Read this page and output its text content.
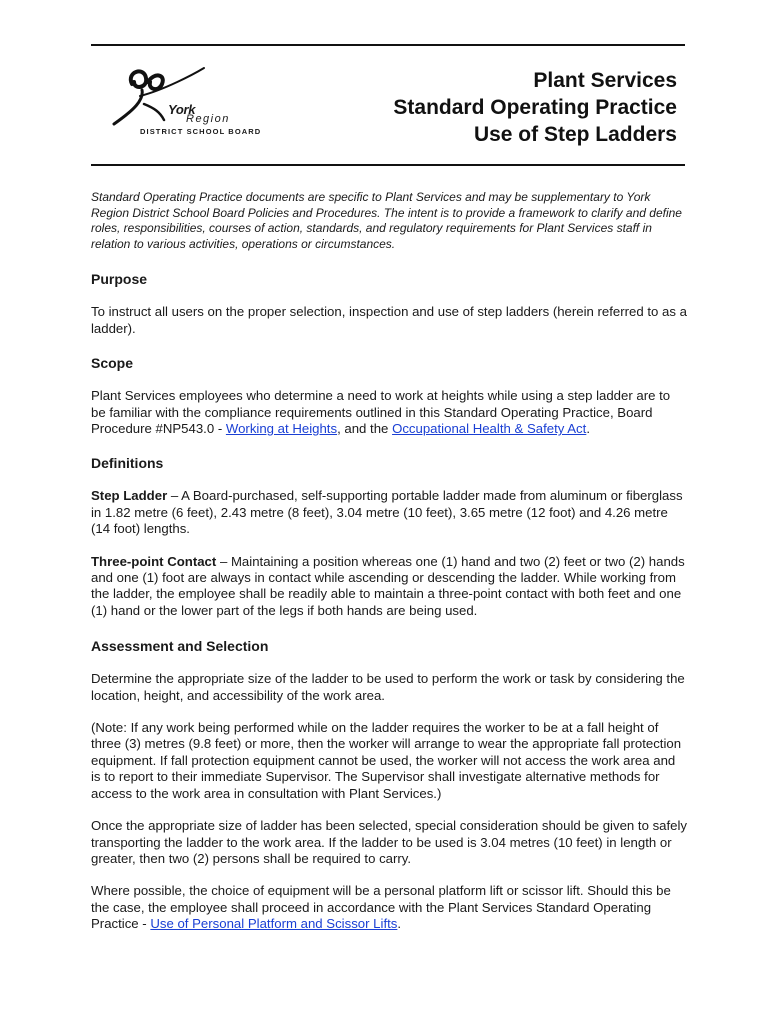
York
Region
DISTRICT SCHOOL BOARD
Plant Services
Standard Operating Practice
Use of Step Ladders

Standard Operating Practice documents are specific to Plant Services and may be supplementary to York Region District School Board Policies and Procedures. The intent is to provide a framework to clarify and define roles, responsibilities, courses of action, standards, and regulatory requirements for Plant Services staff in relation to various activities, operations or circumstances.

Purpose

To instruct all users on the proper selection, inspection and use of step ladders (herein referred to as a ladder).

Scope

Plant Services employees who determine a need to work at heights while using a step ladder are to be familiar with the compliance requirements outlined in this Standard Operating Practice, Board Procedure #NP543.0 - Working at Heights, and the Occupational Health & Safety Act.

Definitions

Step Ladder – A Board-purchased, self-supporting portable ladder made from aluminum or fiberglass in 1.82 metre (6 feet), 2.43 metre (8 feet), 3.04 metre (10 feet), 3.65 metre (12 foot) and 4.26 metre (14 foot) lengths.

Three-point Contact – Maintaining a position whereas one (1) hand and two (2) feet or two (2) hands and one (1) foot are always in contact while ascending or descending the ladder. While working from the ladder, the employee shall be readily able to maintain a three-point contact with both feet and one (1) hand or the lower part of the legs if both hands are being used.

Assessment and Selection

Determine the appropriate size of the ladder to be used to perform the work or task by considering the location, height, and accessibility of the work area.

(Note: If any work being performed while on the ladder requires the worker to be at a fall height of three (3) metres (9.8 feet) or more, then the worker will arrange to wear the appropriate fall protection equipment. If fall protection equipment cannot be used, the worker will not access the work area and is to report to their immediate Supervisor. The Supervisor shall investigate alternative methods for access to the work area in consultation with Plant Services.)

Once the appropriate size of ladder has been selected, special consideration should be given to safely transporting the ladder to the work area. If the ladder to be used is 3.04 metres (10 feet) in length or greater, then two (2) persons shall be required to carry.

Where possible, the choice of equipment will be a personal platform lift or scissor lift. Should this be the case, the employee shall proceed in accordance with the Plant Services Standard Operating Practice - Use of Personal Platform and Scissor Lifts.
